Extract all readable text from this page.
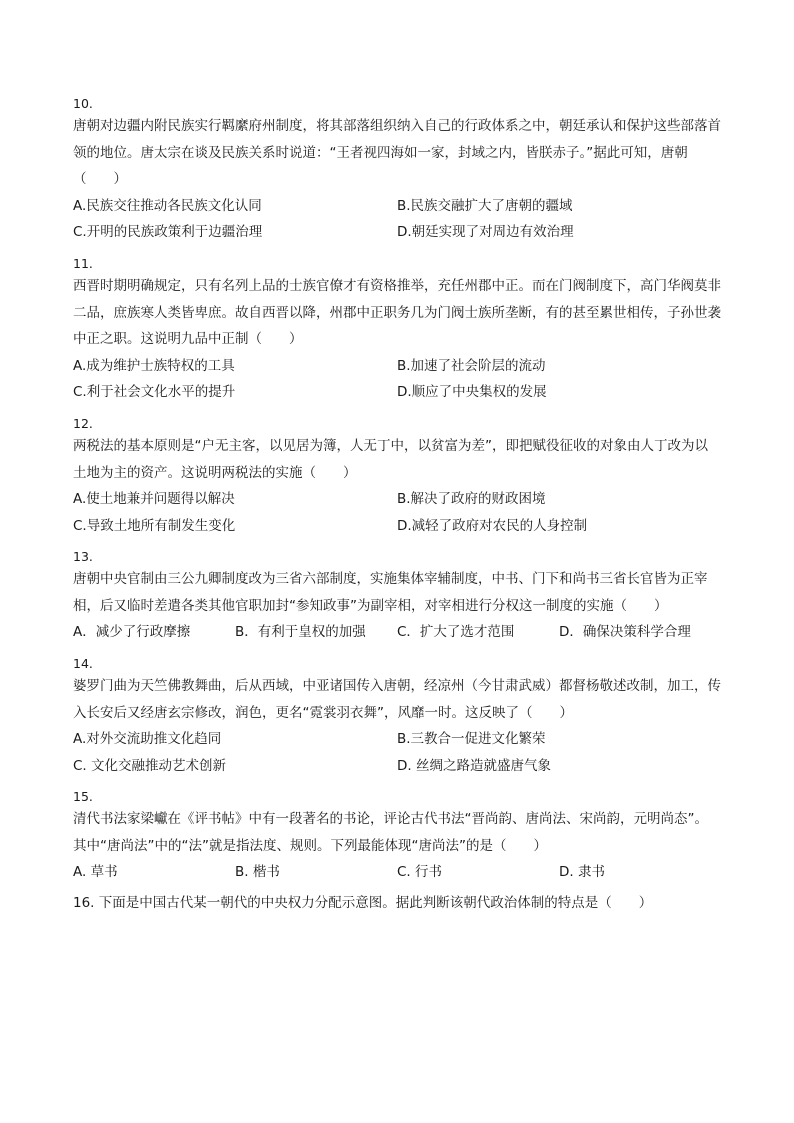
10.

唐朝对边疆内附民族实行羁縻府州制度，将其部落组织纳入自己的行政体系之中，朝廷承认和保护这些部落首领的地位。唐太宗在谈及民族关系时说道：“王者视四海如一家，封域之内，皆朕赤子。”据此可知，唐朝（　　）

A.民族交往推动各民族文化认同	B.民族交融扩大了唐朝的疆域
C.开明的民族政策利于边疆治理	D.朝廷实现了对周边有效治理
11.

西晋时期明确规定，只有名列上品的士族官僚才有资格推举，充任州郡中正。而在门阀制度下，高门华阀莫非二品，庶族寒人类皆卑庶。故自西晋以降，州郡中正职务几为门阀士族所垄断，有的甚至累世相传，子孙世袭中正之职。这说明九品中正制（　　）

A.成为维护士族特权的工具	B.加速了社会阶层的流动
C.利于社会文化水平的提升	D.顺应了中央集权的发展
12.

两税法的基本原则是“户无主客，以见居为簿，人无丁中，以贫富为差”，即把赋役征收的对象由人丁改为以土地为主的资产。这说明两税法的实施（　　）

A.使土地兼并问题得以解决	B.解决了政府的财政困境
C.导致土地所有制发生变化	D.减轻了政府对农民的人身控制
13.

唐朝中央官制由三公九卿制度改为三省六部制度，实施集体宰辅制度，中书、门下和尚书三省长官皆为正宰相，后又临时差遣各类其他官职加封“参知政事”为副宰相，对宰相进行分权这一制度的实施（　　）

A．减少了行政摩擦	B．有利于皇权的加强	C．扩大了选才范围	D．确保决策科学合理
14.

婆罗门曲为天竺佛教舞曲，后从西域，中亚诸国传入唐朝，经凉州（今甘肃武威）都督杨敬述改制，加工，传入长安后又经唐玄宗修改，润色，更名“霓裳羽衣舞”，风靡一时。这反映了（　　）

A.对外交流助推文化趋同	B.三教合一促进文化繁荣
C. 文化交融推动艺术创新	D. 丝绸之路造就盛唐气象
15.

清代书法家梁巘在《评书帖》中有一段著名的书论，评论古代书法“晋尚韵、唐尚法、宋尚韵，元明尚态”。其中“唐尚法”中的“法”就是指法度、规则。下列最能体现“唐尚法”的是（　　）

A. 草书	B. 楷书	C. 行书	D. 隶书

16. 下面是中国古代某一朝代的中央权力分配示意图。据此判断该朝代政治体制的特点是（　　）
